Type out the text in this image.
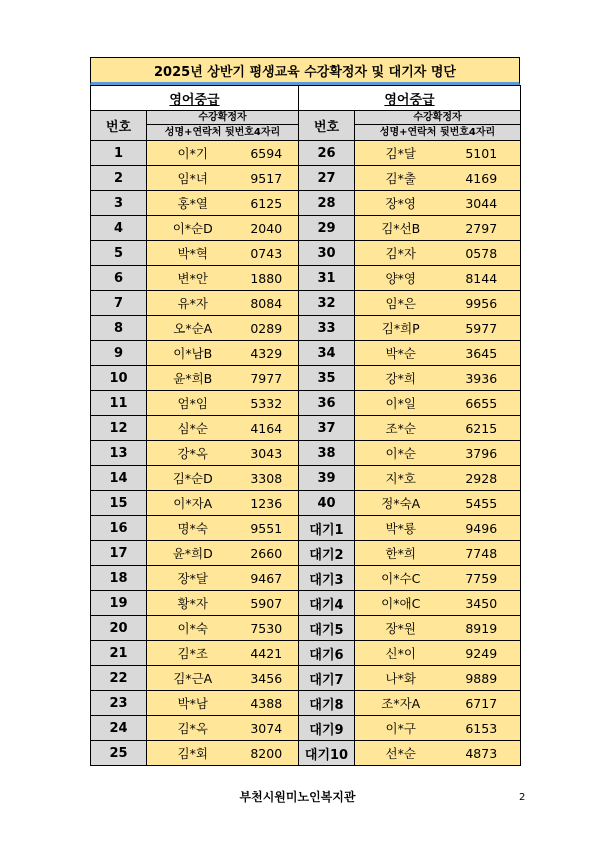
2025년 상반기 평생교육 수강확정자 및 대기자 명단
영어중급			영어중급		
번호	수강확정자		번호	수강확정자	
	성명+연락처 뒷번호4자리			성명+연락처 뒷번호4자리	
1	이*기	6594	26	김*달	5101
2	임*녀	9517	27	김*출	4169
3	홍*열	6125	28	장*영	3044
4	이*순D	2040	29	김*선B	2797
5	박*혁	0743	30	김*자	0578
6	변*안	1880	31	양*영	8144
7	유*자	8084	32	임*은	9956
8	오*순A	0289	33	김*희P	5977
9	이*남B	4329	34	박*순	3645
10	윤*희B	7977	35	강*희	3936
11	엄*임	5332	36	이*일	6655
12	심*순	4164	37	조*순	6215
13	강*옥	3043	38	이*순	3796
14	김*순D	3308	39	지*호	2928
15	이*자A	1236	40	정*숙A	5455
16	명*숙	9551	대기1	박*룡	9496
17	윤*희D	2660	대기2	한*희	7748
18	장*달	9467	대기3	이*수C	7759
19	황*자	5907	대기4	이*애C	3450
20	이*숙	7530	대기5	장*원	8919
21	김*조	4421	대기6	신*이	9249
22	김*근A	3456	대기7	나*화	9889
23	박*남	4388	대기8	조*자A	6717
24	김*옥	3074	대기9	이*구	6153
25	김*회	8200	대기10	선*순	4873
부천시원미노인복지관	2
